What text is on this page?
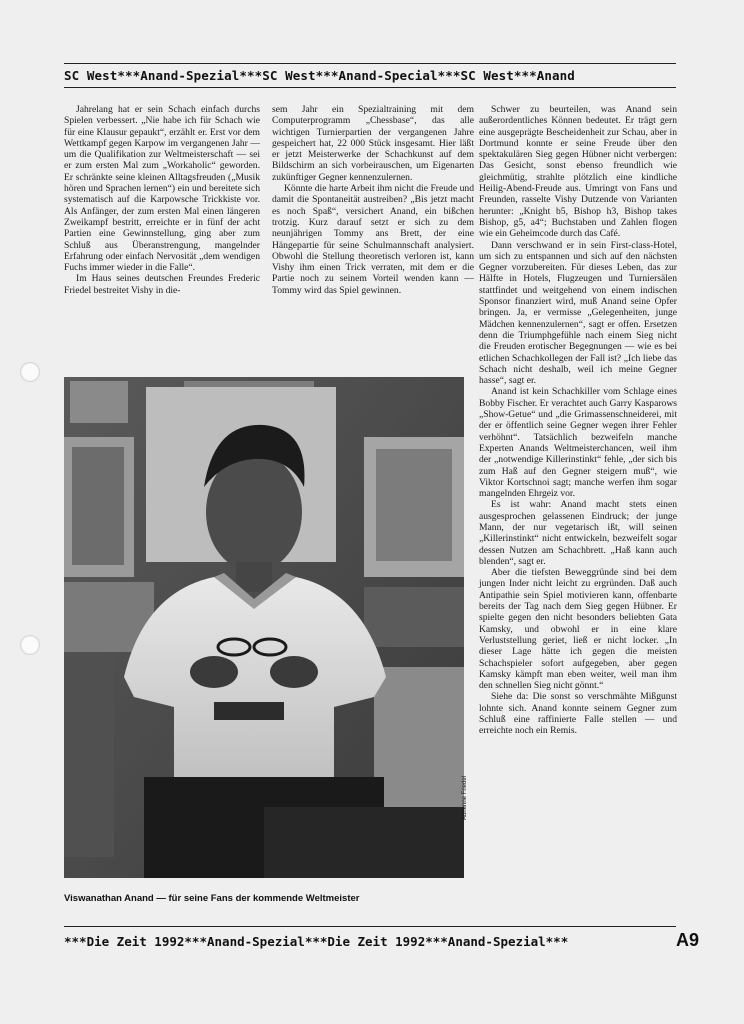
SC West***Anand-Spezial***SC West***Anand-Special***SC West***Anand

Jahrelang hat er sein Schach einfach durchs Spielen verbessert. „Nie habe ich für Schach wie für eine Klausur gepaukt“, erzählt er. Erst vor dem Wettkampf gegen Karpow im vergangenen Jahr — um die Qualifikation zur Weltmeisterschaft — sei er zum ersten Mal zum „Workaholic“ geworden. Er schränkte seine kleinen Alltagsfreuden („Musik hören und Sprachen lernen“) ein und bereitete sich systematisch auf die Karpowsche Trickkiste vor. Als Anfänger, der zum ersten Mal einen längeren Zweikampf bestritt, erreichte er in fünf der acht Partien eine Gewinnstellung, ging aber zum Schluß aus Überanstrengung, mangelnder Erfahrung oder einfach Nervosität „dem wendigen Fuchs immer wieder in die Falle“.

Im Haus seines deutschen Freundes Frederic Friedel bestreitet Vishy in die-

sem Jahr ein Spezialtraining mit dem Computerprogramm „Chessbase“, das alle wichtigen Turnierpartien der vergangenen Jahre gespeichert hat, 22 000 Stück insgesamt. Hier läßt er jetzt Meisterwerke der Schachkunst auf dem Bildschirm an sich vorbeirauschen, um Eigenarten zukünftiger Gegner kennenzulernen.

Könnte die harte Arbeit ihm nicht die Freude und damit die Spontaneität austreiben? „Bis jetzt macht es noch Spaß“, versichert Anand, ein bißchen trotzig. Kurz darauf setzt er sich zu dem neunjährigen Tommy ans Brett, der eine Hängepartie für seine Schulmannschaft analysiert. Obwohl die Stellung theoretisch verloren ist, kann Vishy ihm einen Trick verraten, mit dem er die Partie noch zu seinem Vorteil wenden kann — Tommy wird das Spiel gewinnen.

Schwer zu beurteilen, was Anand sein außerordentliches Können bedeutet. Er trägt gern eine ausgeprägte Bescheidenheit zur Schau, aber in Dortmund konnte er seine Freude über den spektakulären Sieg gegen Hübner nicht verbergen: Das Gesicht, sonst ebenso freundlich wie gleichmütig, strahlte plötzlich eine kindliche Heilig-Abend-Freude aus. Umringt von Fans und Freunden, rasselte Vishy Dutzende von Varianten herunter: „Knight b5, Bishop h3, Bishop takes Bishop, g5, a4“; Buchstaben und Zahlen flogen wie ein Geheimcode durch das Café.

Dann verschwand er in sein First-class-Hotel, um sich zu entspannen und sich auf den nächsten Gegner vorzubereiten. Für dieses Leben, das zur Hälfte in Hotels, Flugzeugen und Turniersälen stattfindet und weitgehend von einem indischen Sponsor finanziert wird, muß Anand seine Opfer bringen. Ja, er vermisse „Gelegenheiten, junge Mädchen kennenzulernen“, sagt er offen. Ersetzen denn die Triumphgefühle nach einem Sieg nicht die Freuden erotischer Begegnungen — wie es bei etlichen Schachkollegen der Fall ist? „Ich liebe das Schach nicht deshalb, weil ich meine Gegner hasse“, sagt er.

Anand ist kein Schachkiller vom Schlage eines Bobby Fischer. Er verachtet auch Garry Kasparows „Show-Getue“ und „die Grimassenschneiderei, mit der er öffentlich seine Gegner wegen ihrer Fehler verhöhnt“. Tatsächlich bezweifeln manche Experten Anands Weltmeisterchancen, weil ihm der „notwendige Killerinstinkt“ fehle, „der sich bis zum Haß auf den Gegner steigern muß“, wie Viktor Kortschnoi sagt; manche werfen ihm sogar mangelnden Ehrgeiz vor.

Es ist wahr: Anand macht stets einen ausgesprochen gelassenen Eindruck; der junge Mann, der nur vegetarisch ißt, will seinen „Killerinstinkt“ nicht entwickeln, bezweifelt sogar dessen Nutzen am Schachbrett. „Haß kann auch blenden“, sagt er.

Aber die tiefsten Beweggründe sind bei dem jungen Inder nicht leicht zu ergründen. Daß auch Antipathie sein Spiel motivieren kann, offenbarte bereits der Tag nach dem Sieg gegen Hübner. Er spielte gegen den nicht besonders beliebten Gata Kamsky, und obwohl er in eine klare Verluststellung geriet, ließ er nicht locker. „In dieser Lage hätte ich gegen die meisten Schachspieler sofort aufgegeben, aber gegen Kamsky kämpft man eben weiter, weil man ihm den schnellen Sieg nicht gönnt.“

Siehe da: Die sonst so verschmähte Mißgunst lohnte sich. Anand konnte seinem Gegner zum Schluß eine raffinierte Falle stellen — und erreichte noch ein Remis.

Adrienne Friedel
Viswanathan Anand — für seine Fans der kommende Weltmeister
***Die Zeit 1992***Anand-Spezial***Die Zeit 1992***Anand-Spezial***	A9
